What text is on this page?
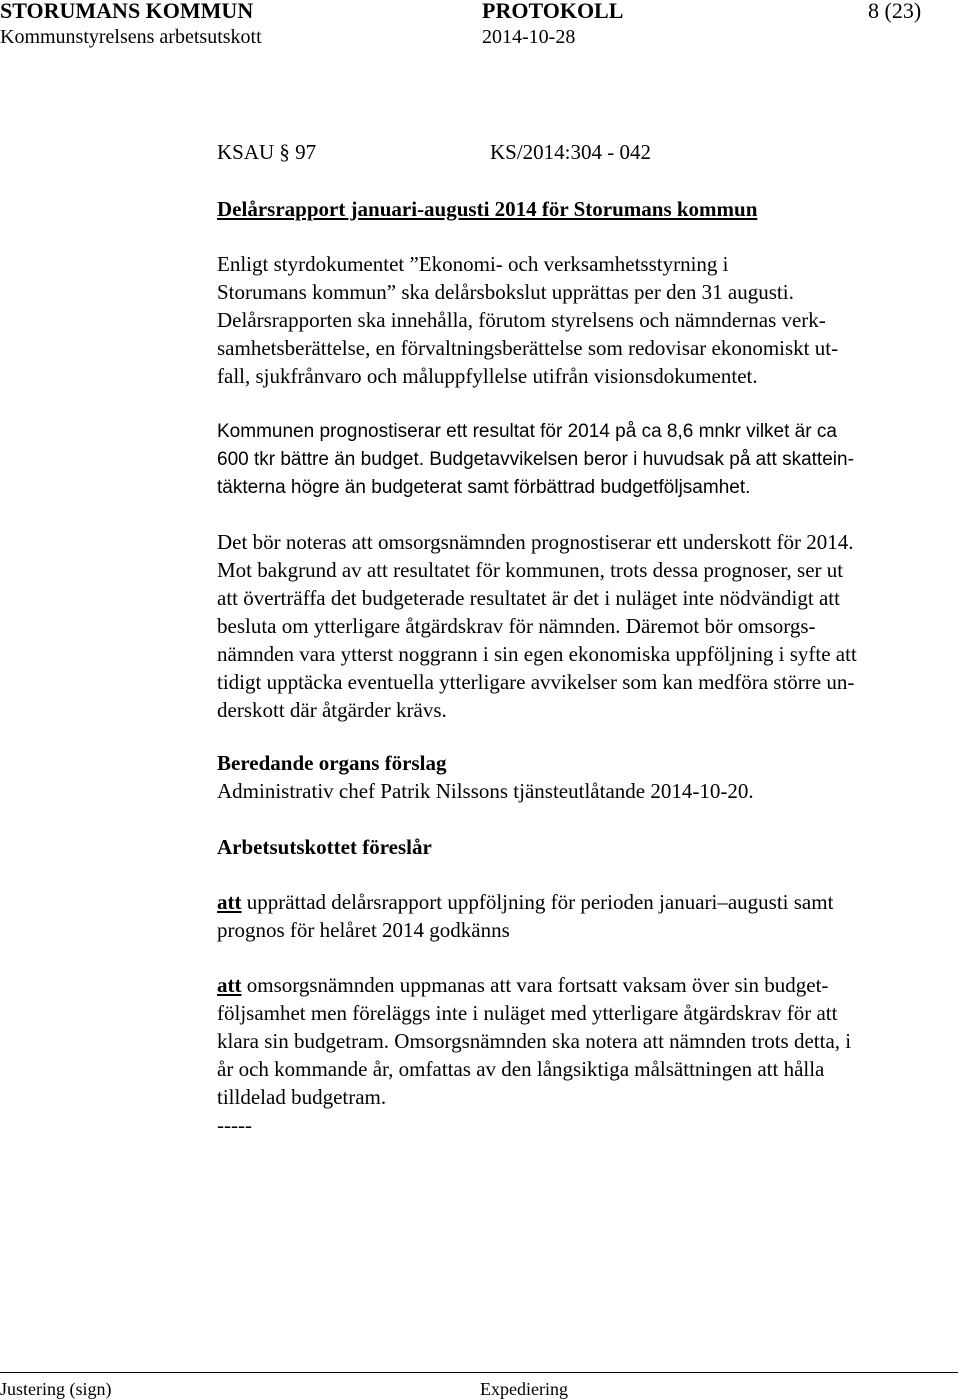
STORUMANS KOMMUN	PROTOKOLL	8 (23)
Kommunstyrelsens arbetsutskott	2014-10-28
KSAU § 97	KS/2014:304 - 042
Delårsrapport januari-augusti 2014 för Storumans kommun
Enligt styrdokumentet ”Ekonomi- och verksamhetsstyrning i
Storumans kommun” ska delårsbokslut upprättas per den 31 augusti.
Delårsrapporten ska innehålla, förutom styrelsens och nämndernas verk-
samhetsberättelse, en förvaltningsberättelse som redovisar ekonomiskt ut-
fall, sjukfrånvaro och måluppfyllelse utifrån visionsdokumentet.
Kommunen prognostiserar ett resultat för 2014 på ca 8,6 mnkr vilket är ca
600 tkr bättre än budget. Budgetavvikelsen beror i huvudsak på att skattein-
täkterna högre än budgeterat samt förbättrad budgetföljsamhet.
Det bör noteras att omsorgsnämnden prognostiserar ett underskott för 2014.
Mot bakgrund av att resultatet för kommunen, trots dessa prognoser, ser ut
att överträffa det budgeterade resultatet är det i nuläget inte nödvändigt att
besluta om ytterligare åtgärdskrav för nämnden. Däremot bör omsorgs-
nämnden vara ytterst noggrann i sin egen ekonomiska uppföljning i syfte att
tidigt upptäcka eventuella ytterligare avvikelser som kan medföra större un-
derskott där åtgärder krävs.
Beredande organs förslag
Administrativ chef Patrik Nilssons tjänsteutlåtande 2014-10-20.
Arbetsutskottet föreslår
att upprättad delårsrapport uppföljning för perioden januari–augusti samt
prognos för helåret 2014 godkänns
att omsorgsnämnden uppmanas att vara fortsatt vaksam över sin budget-
följsamhet men föreläggs inte i nuläget med ytterligare åtgärdskrav för att
klara sin budgetram. Omsorgsnämnden ska notera att nämnden trots detta, i
år och kommande år, omfattas av den långsiktiga målsättningen att hålla
tilldelad budgetram.
-----
Justering (sign)	Expediering
